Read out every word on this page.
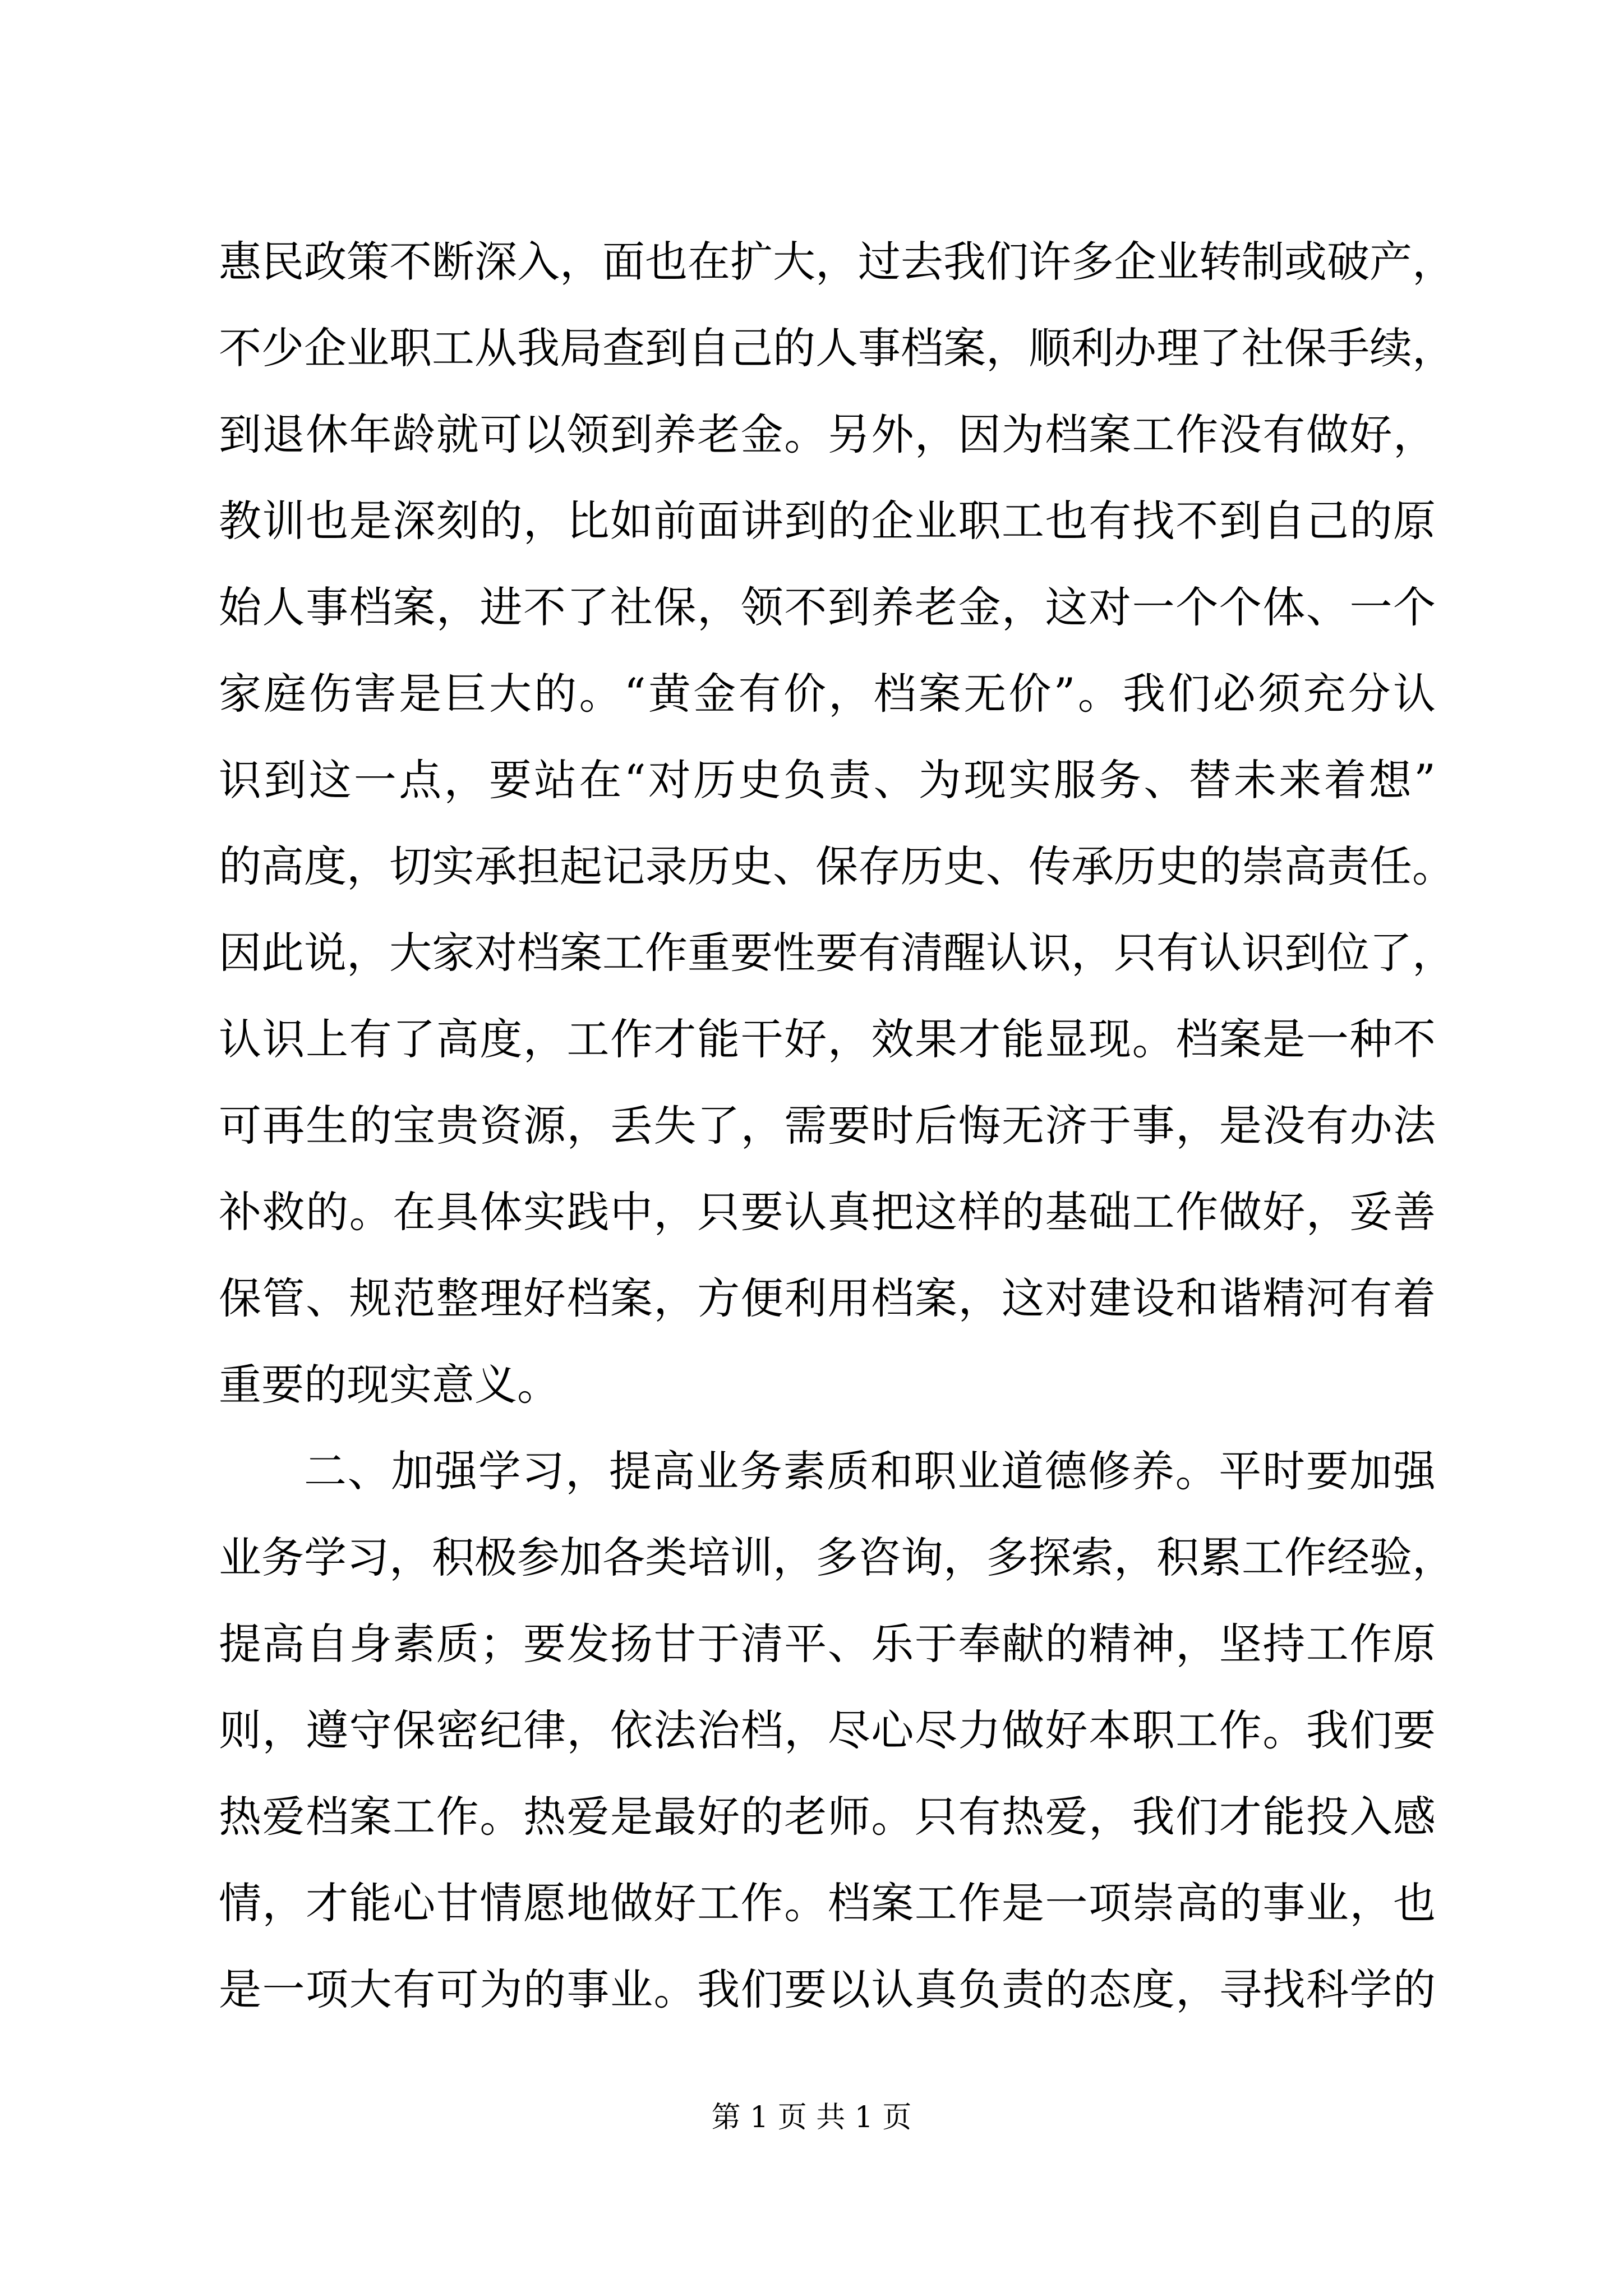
惠民政策不断深入，面也在扩大，过去我们许多企业转制或破产，
不少企业职工从我局查到自己的人事档案，顺利办理了社保手续，
到退休年龄就可以领到养老金。另外，因为档案工作没有做好，
教训也是深刻的，比如前面讲到的企业职工也有找不到自己的原
始人事档案，进不了社保，领不到养老金，这对一个个体、一个
家庭伤害是巨大的。“黄金有价，档案无价”。我们必须充分认
识到这一点，要站在“对历史负责、为现实服务、替未来着想”
的高度，切实承担起记录历史、保存历史、传承历史的崇高责任。
因此说，大家对档案工作重要性要有清醒认识，只有认识到位了，
认识上有了高度，工作才能干好，效果才能显现。档案是一种不
可再生的宝贵资源，丢失了，需要时后悔无济于事，是没有办法
补救的。在具体实践中，只要认真把这样的基础工作做好，妥善
保管、规范整理好档案，方便利用档案，这对建设和谐精河有着
重要的现实意义。
二、加强学习，提高业务素质和职业道德修养。平时要加强
业务学习，积极参加各类培训，多咨询，多探索，积累工作经验，
提高自身素质；要发扬甘于清平、乐于奉献的精神，坚持工作原
则，遵守保密纪律，依法治档，尽心尽力做好本职工作。我们要
热爱档案工作。热爱是最好的老师。只有热爱，我们才能投入感
情，才能心甘情愿地做好工作。档案工作是一项崇高的事业，也
是一项大有可为的事业。我们要以认真负责的态度，寻找科学的
第 1 页 共 1 页
